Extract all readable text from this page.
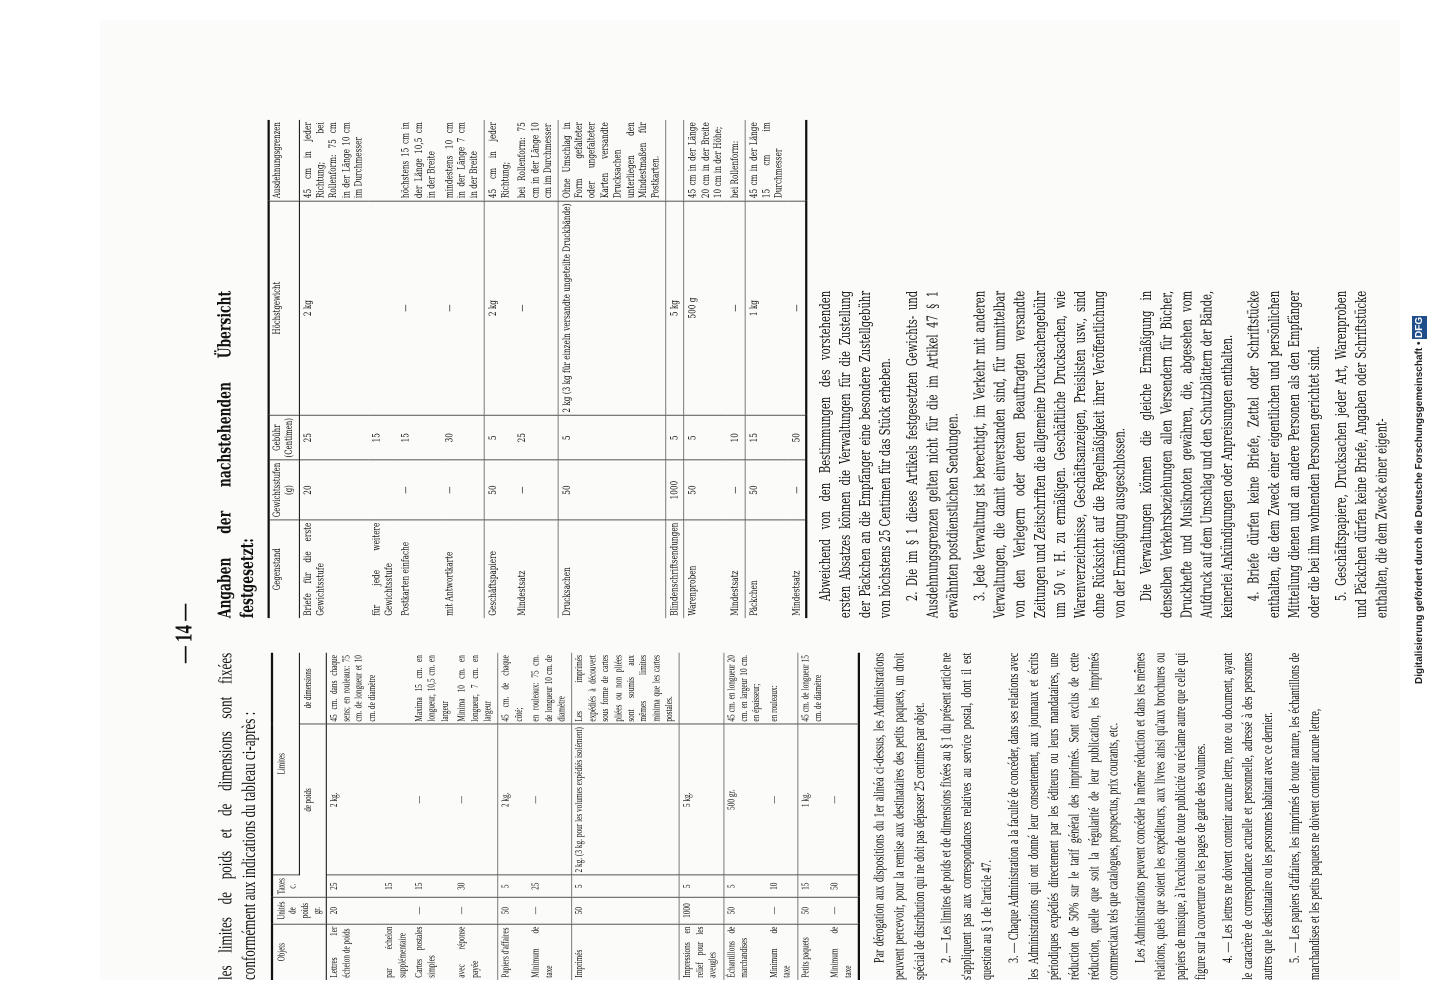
— 14 —

les limites de poids et de dimensions sont fixées conformément aux indications du tableau ci-après : Objets	Unités de poids gr.	Taxes c.	Limites	
			de poids	de dimensions
Lettres 1er échelon de poids	20	25	2 kg.	45 cm. dans chaque sens; en rouleaux: 75 cm. de longueur et 10 cm. de diamètre
par échelon supplémentaire		15		
Cartes postales simples	—	15	—	Maxima 15 cm. en longueur, 10,5 cm. en largeur
avec réponse payée	—	30	—	Minima 10 cm. en longueur, 7 cm. en largeur
Papiers d'affaires	50	5	2 kg.	45 cm. de chaque côté;
Minimum de taxe	—	25	—	en rouleaux: 75 cm. de longueur 10 cm. de diamètre
Imprimés	50	5	2 kg. (3 kg. pour les volumes expédiés isolément)	Les imprimés expédiés à découvert sous forme de cartes pliées ou non pliées sont soumis aux mêmes limites minima que les cartes postales.
Impressions en relief pour les aveugles	1000	5	5 kg.	
Échantillons de marchandises	50	5	500 gr.	45 cm. en longueur 20 cm. en largeur 10 cm. en épaisseur;
Minimum de taxe	—	10	—	en rouleaux:
Petits paquets	50	15	1 kg.	45 cm. de longueur 15 cm. de diamètre
Minimum de taxe	—	50	—	Par dérogation aux dispositions du 1er alinéa ci-dessus, les Administrations peuvent percevoir, pour la remise aux destinataires des petits paquets, un droit spécial de distribution qui ne doit pas dépasser 25 centimes par objet. 2. — Les limites de poids et de dimensions fixées au § 1 du présent article ne s'appliquent pas aux correspondances relatives au service postal, dont il est question au § 1 de l'article 47. 3. — Chaque Administration a la faculté de concéder, dans ses relations avec les Administrations qui ont donné leur consentement, aux journaux et écrits périodiques expédiés directement par les éditeurs ou leurs mandataires, une réduction de 50% sur le tarif général des imprimés. Sont exclus de cette réduction, quelle que soit la régularité de leur publication, les imprimés commerciaux tels que catalogues, prospectus, prix courants, etc. Les Administrations peuvent concéder la même réduction et dans les mêmes relations, quels que soient les expéditeurs, aux livres ainsi qu'aux brochures ou papiers de musique, à l'exclusion de toute publicité ou réclame autre que celle qui figure sur la couverture ou les pages de garde des volumes. 4. — Les lettres ne doivent contenir aucune lettre, note ou document, ayant le caractère de correspondance actuelle et personnelle, adressé à des personnes autres que le destinataire ou les personnes habitant avec ce dernier. 5. — Les papiers d'affaires, les imprimés de toute nature, les échantillons de marchandises et les petits paquets ne doivent contenir aucune lettre,

Angaben der nachstehenden Übersicht festgesetzt: Gegenstand	Gewichtsstufen (g)	Gebühr (Centimen)	Höchstgewicht	Ausdehnungsgrenzen
Briefe für die erste Gewichtsstufe	20	25	2 kg	45 cm in jeder Richtung; bei Rollenform: 75 cm in der Länge 10 cm im Durchmesser
für jede weitere Gewichtsstufe		15		
Postkarten einfache	—	15	—	höchstens 15 cm in der Länge 10,5 cm in der Breite
mit Antwortkarte	—	30	—	mindestens 10 cm in der Länge 7 cm in der Breite
Geschäftspapiere	50	5	2 kg	45 cm in jeder Richtung;
Mindestsatz	—	25	—	bei Rollenform: 75 cm in der Länge 10 cm im Durchmesser
Drucksachen	50	5	2 kg (3 kg für einzeln versandte ungeteilte Druckbände)	Ohne Umschlag in Form gefalteter oder ungefalteter Karten versandte Drucksachen unterliegen den Mindestmaßen für Postkarten.
Blindenschriftsendungen	1000	5	5 kg	
Warenproben	50	5	500 g	45 cm in der Länge 20 cm in der Breite 10 cm in der Höhe;
Mindestsatz	—	10	—	bei Rollenform:
Päckchen	50	15	1 kg	45 cm in der Länge 15 cm im Durchmesser
Mindestsatz	—	50	—	Abweichend von den Bestimmungen des vorstehenden ersten Absatzes können die Verwaltungen für die Zustellung der Päckchen an die Empfänger eine besondere Zustellgebühr von höchstens 25 Centimen für das Stück erheben. 2. Die im § 1 dieses Artikels festgesetzten Gewichts- und Ausdehnungsgrenzen gelten nicht für die im Artikel 47 § 1 erwähnten postdienstlichen Sendungen. 3. Jede Verwaltung ist berechtigt, im Verkehr mit anderen Verwaltungen, die damit einverstanden sind, für unmittelbar von den Verlegern oder deren Beauftragten versandte Zeitungen und Zeitschriften die allgemeine Drucksachengebühr um 50 v. H. zu ermäßigen. Geschäftliche Drucksachen, wie Warenverzeichnisse, Geschäftsanzeigen, Preislisten usw., sind ohne Rücksicht auf die Regelmäßigkeit ihrer Veröffentlichung von der Ermäßigung ausgeschlossen. Die Verwaltungen können die gleiche Ermäßigung in denselben Verkehrsbeziehungen allen Versendern für Bücher, Druckhefte und Musiknoten gewähren, die, abgesehen vom Aufdruck auf dem Umschlag und den Schutzblättern der Bände, keinerlei Ankündigungen oder Anpreisungen enthalten. 4. Briefe dürfen keine Briefe, Zettel oder Schriftstücke enthalten, die dem Zweck einer eigentlichen und persönlichen Mitteilung dienen und an andere Personen als den Empfänger oder die bei ihm wohnenden Personen gerichtet sind. 5. Geschäftspapiere, Drucksachen jeder Art, Warenproben und Päckchen dürfen keine Briefe, Angaben oder Schriftstücke enthalten, die dem Zweck einer eigent- Digitalisierung gefördert durch die Deutsche Forschungsgemeinschaft • DFG
